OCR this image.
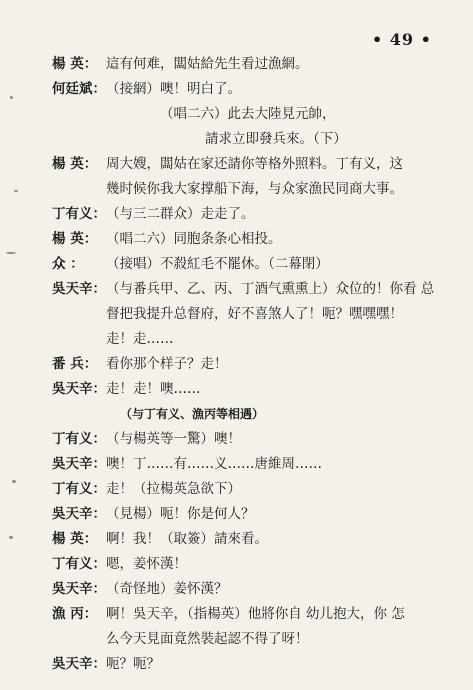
• 49 •
楊 英： 這有何难，闆姑給先生看过漁網。
何廷斌： （接網）噢！明白了。
（唱二六）此去大陸見元帥，
請求立即發兵來。（下）
楊 英： 周大嫂，闆姑在家还請你等格外照料。丁有义，这
幾时候你我大家撑船下海，与众家漁民同商大事。
丁有义： （与三二群众）走走了。
楊 英： （唱二六）同胞条条心相投。
众 ：	（接唱）不殺紅毛不罷休。（二幕閉）
吳天辛： （与番兵甲、乙、丙、丁酒气熏熏上）众位的！你看 总
督把我提升总督府，好不喜煞人了！呃？嘿嘿嘿！
走！走……
番 兵： 看你那个样子？走！
吳天辛： 走！走！噢……
（与丁有义、漁丙等相遇）
丁有义： （与楊英等一驚）噢！
吳天辛： 噢！丁……有……义……唐維周……
丁有义： 走！（拉楊英急欲下）
吳天辛： （見楊）呃！你是何人？
楊 英： 啊！我！（取簽）請來看。
丁有义： 嗯，姜怀漢！
吳天辛： （奇怪地）姜怀漢？
漁 丙： 啊！吳天辛，（指楊英）他將你自 幼儿抱大，你 怎
么今天見面竟然裝起認不得了呀！
吳天辛： 呃？呃？
